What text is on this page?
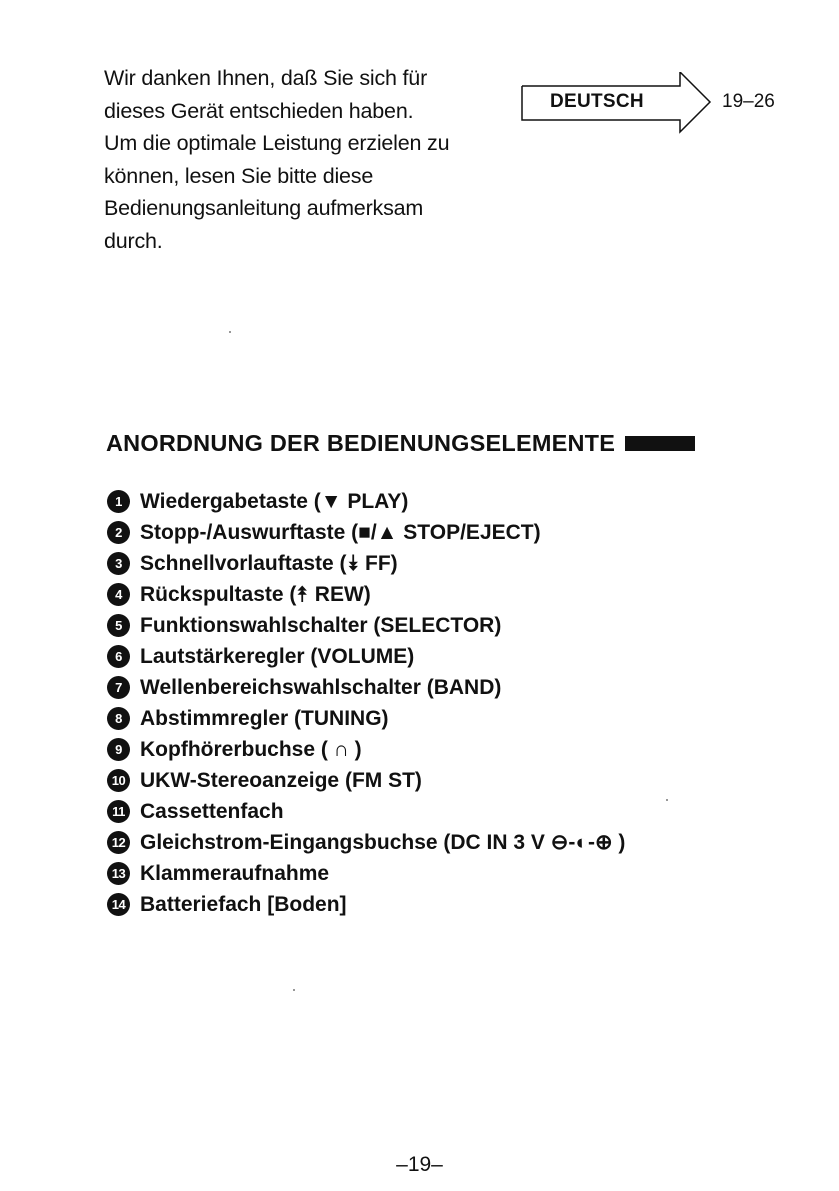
Wir danken Ihnen, daß Sie sich für
dieses Gerät entschieden haben.
Um die optimale Leistung erzielen zu
können, lesen Sie bitte diese
Bedienungsanleitung aufmerksam
durch.
DEUTSCH	19–26
ANORDNUNG DER BEDIENUNGSELEMENTE
1 Wiedergabetaste (▼ PLAY)
2 Stopp-/Auswurftaste (■/▲ STOP/EJECT)
3 Schnellvorlauftaste (⯯ FF)
4 Rückspultaste (⯭ REW)
5 Funktionswahlschalter (SELECTOR)
6 Lautstärkeregler (VOLUME)
7 Wellenbereichswahlschalter (BAND)
8 Abstimmregler (TUNING)
9 Kopfhörerbuchse ( ∩ )
10 UKW-Stereoanzeige (FM ST)
11 Cassettenfach
12 Gleichstrom-Eingangsbuchse (DC IN 3 V ⊖-◐-⊕ )
13 Klammeraufnahme
14 Batteriefach [Boden]
–19–
